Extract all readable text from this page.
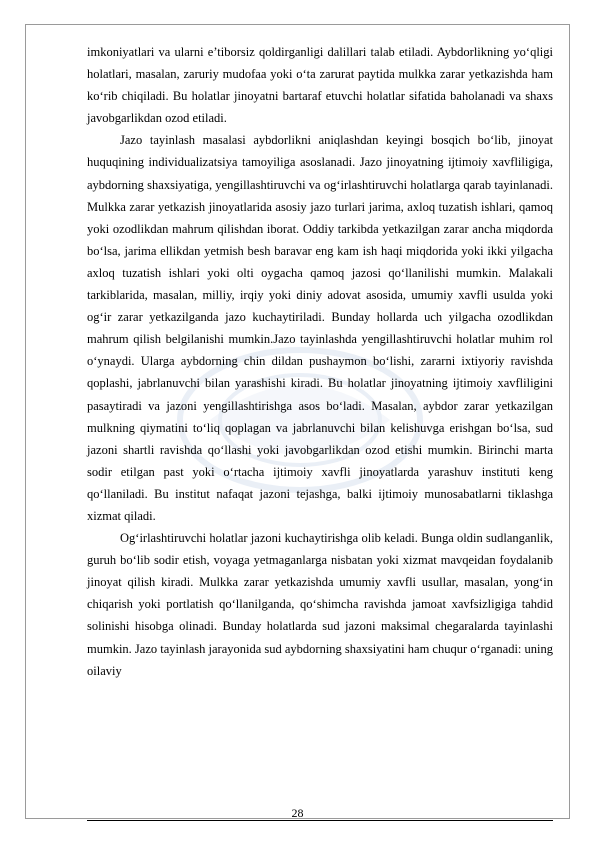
imkoniyatlari va ularni e’tiborsiz qoldirganligi dalillari talab etiladi. Aybdorlikning yo‘qligi holatlari, masalan, zaruriy mudofaa yoki o‘ta zarurat paytida mulkka zarar yetkazishda ham ko‘rib chiqiladi. Bu holatlar jinoyatni bartaraf etuvchi holatlar sifatida baholanadi va shaxs javobgarlikdan ozod etiladi.

Jazo tayinlash masalasi aybdorlikni aniqlashdan keyingi bosqich bo‘lib, jinoyat huquqining individualizatsiya tamoyiliga asoslanadi. Jazo jinoyatning ijtimoiy xavfliligiga, aybdorning shaxsiyatiga, yengillashtiruvchi va og‘irlashtiruvchi holatlarga qarab tayinlanadi. Mulkka zarar yetkazish jinoyatlarida asosiy jazo turlari jarima, axloq tuzatish ishlari, qamoq yoki ozodlikdan mahrum qilishdan iborat. Oddiy tarkibda yetkazilgan zarar ancha miqdorda bo‘lsa, jarima ellikdan yetmish besh baravar eng kam ish haqi miqdorida yoki ikki yilgacha axloq tuzatish ishlari yoki olti oygacha qamoq jazosi qo‘llanilishi mumkin. Malakali tarkiblarida, masalan, milliy, irqiy yoki diniy adovat asosida, umumiy xavfli usulda yoki og‘ir zarar yetkazilganda jazo kuchaytiriladi. Bunday hollarda uch yilgacha ozodlikdan mahrum qilish belgilanishi mumkin.Jazo tayinlashda yengillashtiruvchi holatlar muhim rol o‘ynaydi. Ularga aybdorning chin dildan pushaymon bo‘lishi, zararni ixtiyoriy ravishda qoplashi, jabrlanuvchi bilan yarashishi kiradi. Bu holatlar jinoyatning ijtimoiy xavfliligini pasaytiradi va jazoni yengillashtirishga asos bo‘ladi. Masalan, aybdor zarar yetkazilgan mulkning qiymatini to‘liq qoplagan va jabrlanuvchi bilan kelishuvga erishgan bo‘lsa, sud jazoni shartli ravishda qo‘llashi yoki javobgarlikdan ozod etishi mumkin. Birinchi marta sodir etilgan past yoki o‘rtacha ijtimoiy xavfli jinoyatlarda yarashuv instituti keng qo‘llaniladi. Bu institut nafaqat jazoni tejashga, balki ijtimoiy munosabatlarni tiklashga xizmat qiladi.

Og‘irlashtiruvchi holatlar jazoni kuchaytirishga olib keladi. Bunga oldin sudlanganlik, guruh bo‘lib sodir etish, voyaga yetmaganlarga nisbatan yoki xizmat mavqeidan foydalanib jinoyat qilish kiradi. Mulkka zarar yetkazishda umumiy xavfli usullar, masalan, yong‘in chiqarish yoki portlatish qo‘llanilganda, qo‘shimcha ravishda jamoat xavfsizligiga tahdid solinishi hisobga olinadi. Bunday holatlarda sud jazoni maksimal chegaralarda tayinlashi mumkin. Jazo tayinlash jarayonida sud aybdorning shaxsiyatini ham chuqur o‘rganadi: uning oilaviy

28
